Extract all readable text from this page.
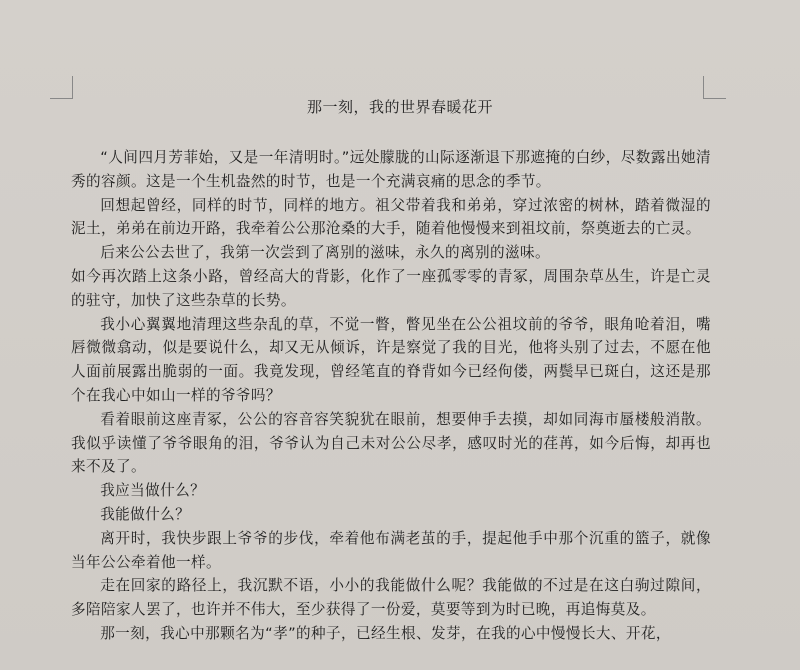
那一刻，我的世界春暖花开

“人间四月芳菲始，又是一年清明时。”远处朦胧的山际逐渐退下那遮掩的白纱，尽数露出她清秀的容颜。这是一个生机盎然的时节，也是一个充满哀痛的思念的季节。

回想起曾经，同样的时节，同样的地方。祖父带着我和弟弟，穿过浓密的树林，踏着微湿的泥土，弟弟在前边开路，我牵着公公那沧桑的大手，随着他慢慢来到祖坟前，祭奠逝去的亡灵。

后来公公去世了，我第一次尝到了离别的滋味，永久的离别的滋味。

如今再次踏上这条小路，曾经高大的背影，化作了一座孤零零的青冢，周围杂草丛生，许是亡灵的驻守，加快了这些杂草的长势。

我小心翼翼地清理这些杂乱的草，不觉一瞥，瞥见坐在公公祖坟前的爷爷，眼角呛着泪，嘴唇微微翕动，似是要说什么，却又无从倾诉，许是察觉了我的目光，他将头别了过去，不愿在他人面前展露出脆弱的一面。我竟发现，曾经笔直的脊背如今已经佝偻，两鬓早已斑白，这还是那个在我心中如山一样的爷爷吗？

看着眼前这座青冢，公公的容音容笑貌犹在眼前，想要伸手去摸，却如同海市蜃楼般消散。我似乎读懂了爷爷眼角的泪，爷爷认为自己未对公公尽孝，感叹时光的荏苒，如今后悔，却再也来不及了。

我应当做什么？

我能做什么？

离开时，我快步跟上爷爷的步伐，牵着他布满老茧的手，提起他手中那个沉重的篮子，就像当年公公牵着他一样。

走在回家的路径上，我沉默不语，小小的我能做什么呢？我能做的不过是在这白驹过隙间，多陪陪家人罢了，也许并不伟大，至少获得了一份爱，莫要等到为时已晚，再追悔莫及。

那一刻，我心中那颗名为“孝”的种子，已经生根、发芽，在我的心中慢慢长大、开花，
